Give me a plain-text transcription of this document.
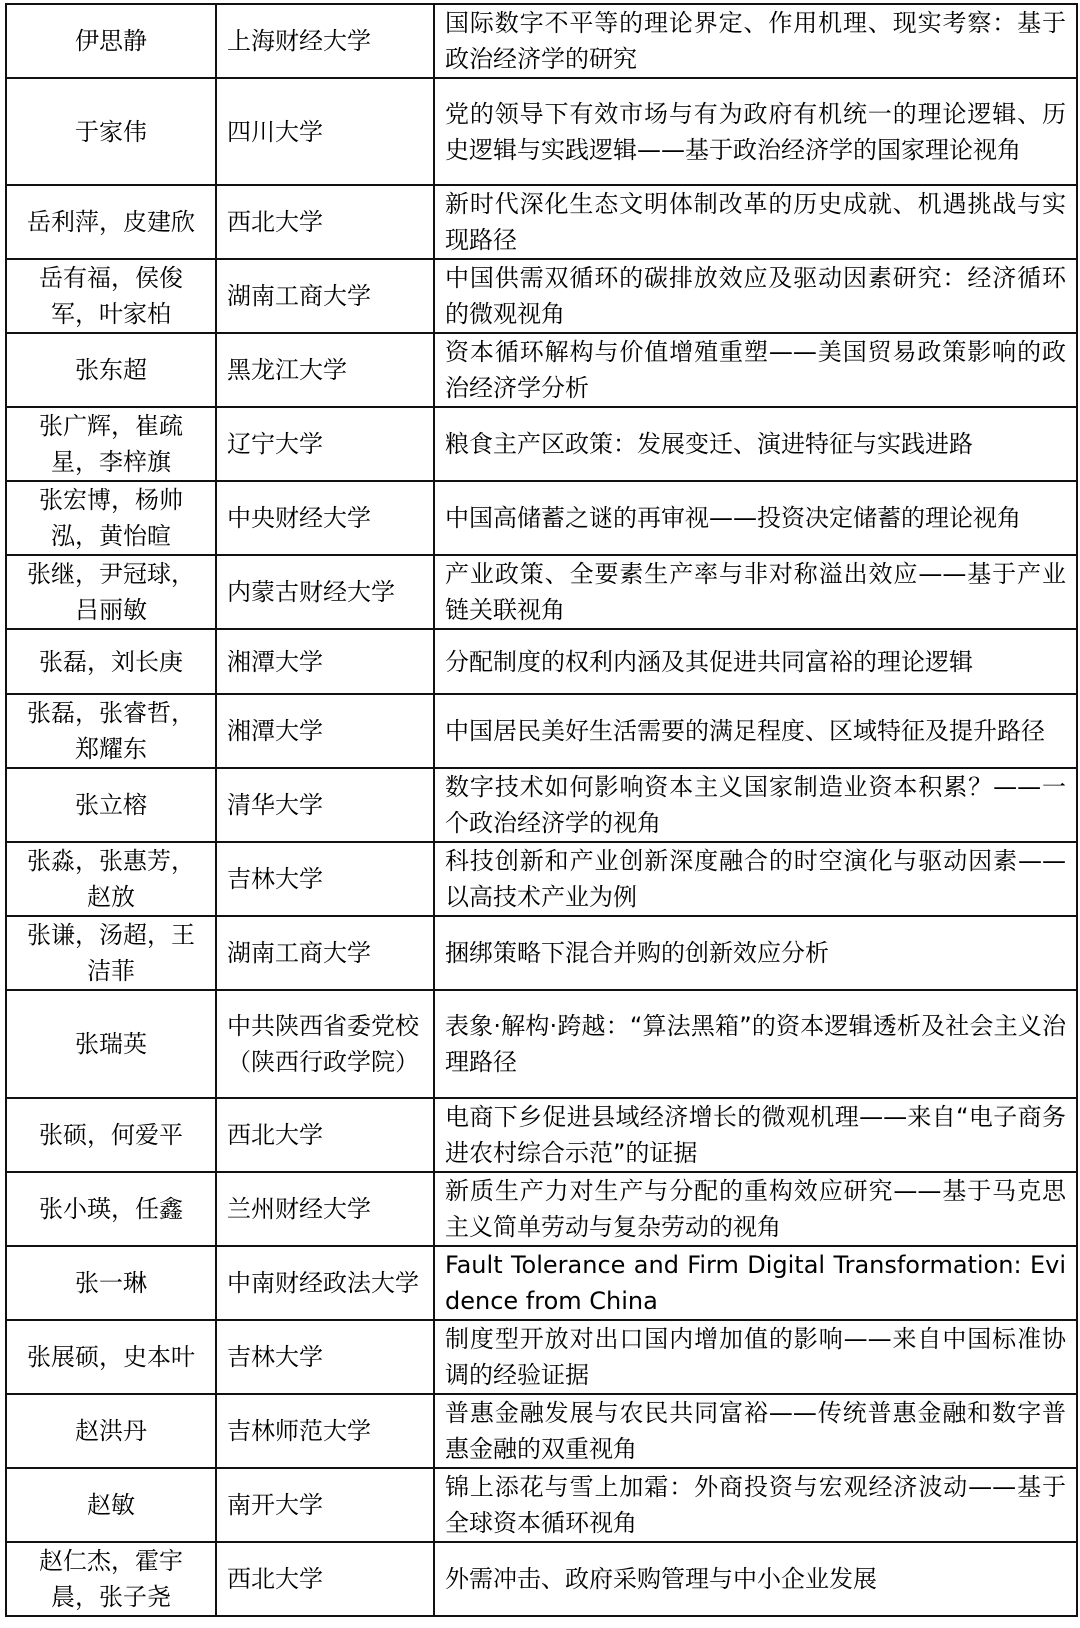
伊思静	上海财经大学	国际数字不平等的理论界定、作用机理、现实考察：基于政治经济学的研究
于家伟	四川大学	党的领导下有效市场与有为政府有机统一的理论逻辑、历史逻辑与实践逻辑——基于政治经济学的国家理论视角
岳利萍，皮建欣	西北大学	新时代深化生态文明体制改革的历史成就、机遇挑战与实现路径
岳有福，侯俊军，叶家柏	湖南工商大学	中国供需双循环的碳排放效应及驱动因素研究：经济循环的微观视角
张东超	黑龙江大学	资本循环解构与价值增殖重塑——美国贸易政策影响的政治经济学分析
张广辉，崔疏星，李梓旗	辽宁大学	粮食主产区政策：发展变迁、演进特征与实践进路
张宏博，杨帅泓，黄怡暄	中央财经大学	中国高储蓄之谜的再审视——投资决定储蓄的理论视角
张继，尹冠球，吕丽敏	内蒙古财经大学	产业政策、全要素生产率与非对称溢出效应——基于产业链关联视角
张磊，刘长庚	湘潭大学	分配制度的权利内涵及其促进共同富裕的理论逻辑
张磊，张睿哲，郑耀东	湘潭大学	中国居民美好生活需要的满足程度、区域特征及提升路径
张立榕	清华大学	数字技术如何影响资本主义国家制造业资本积累？——一个政治经济学的视角
张淼，张惠芳，赵放	吉林大学	科技创新和产业创新深度融合的时空演化与驱动因素——以高技术产业为例
张谦，汤超，王洁菲	湖南工商大学	捆绑策略下混合并购的创新效应分析
张瑞英	中共陕西省委党校（陕西行政学院）	表象·解构·跨越：“算法黑箱”的资本逻辑透析及社会主义治理路径
张硕，何爱平	西北大学	电商下乡促进县域经济增长的微观机理——来自“电子商务进农村综合示范”的证据
张小瑛，任鑫	兰州财经大学	新质生产力对生产与分配的重构效应研究——基于马克思主义简单劳动与复杂劳动的视角
张一琳	中南财经政法大学	Fault Tolerance and Firm Digital Transformation: Evidence from China
张展硕，史本叶	吉林大学	制度型开放对出口国内增加值的影响——来自中国标准协调的经验证据
赵洪丹	吉林师范大学	普惠金融发展与农民共同富裕——传统普惠金融和数字普惠金融的双重视角
赵敏	南开大学	锦上添花与雪上加霜：外商投资与宏观经济波动——基于全球资本循环视角
赵仁杰，霍宇晨，张子尧	西北大学	外需冲击、政府采购管理与中小企业发展
